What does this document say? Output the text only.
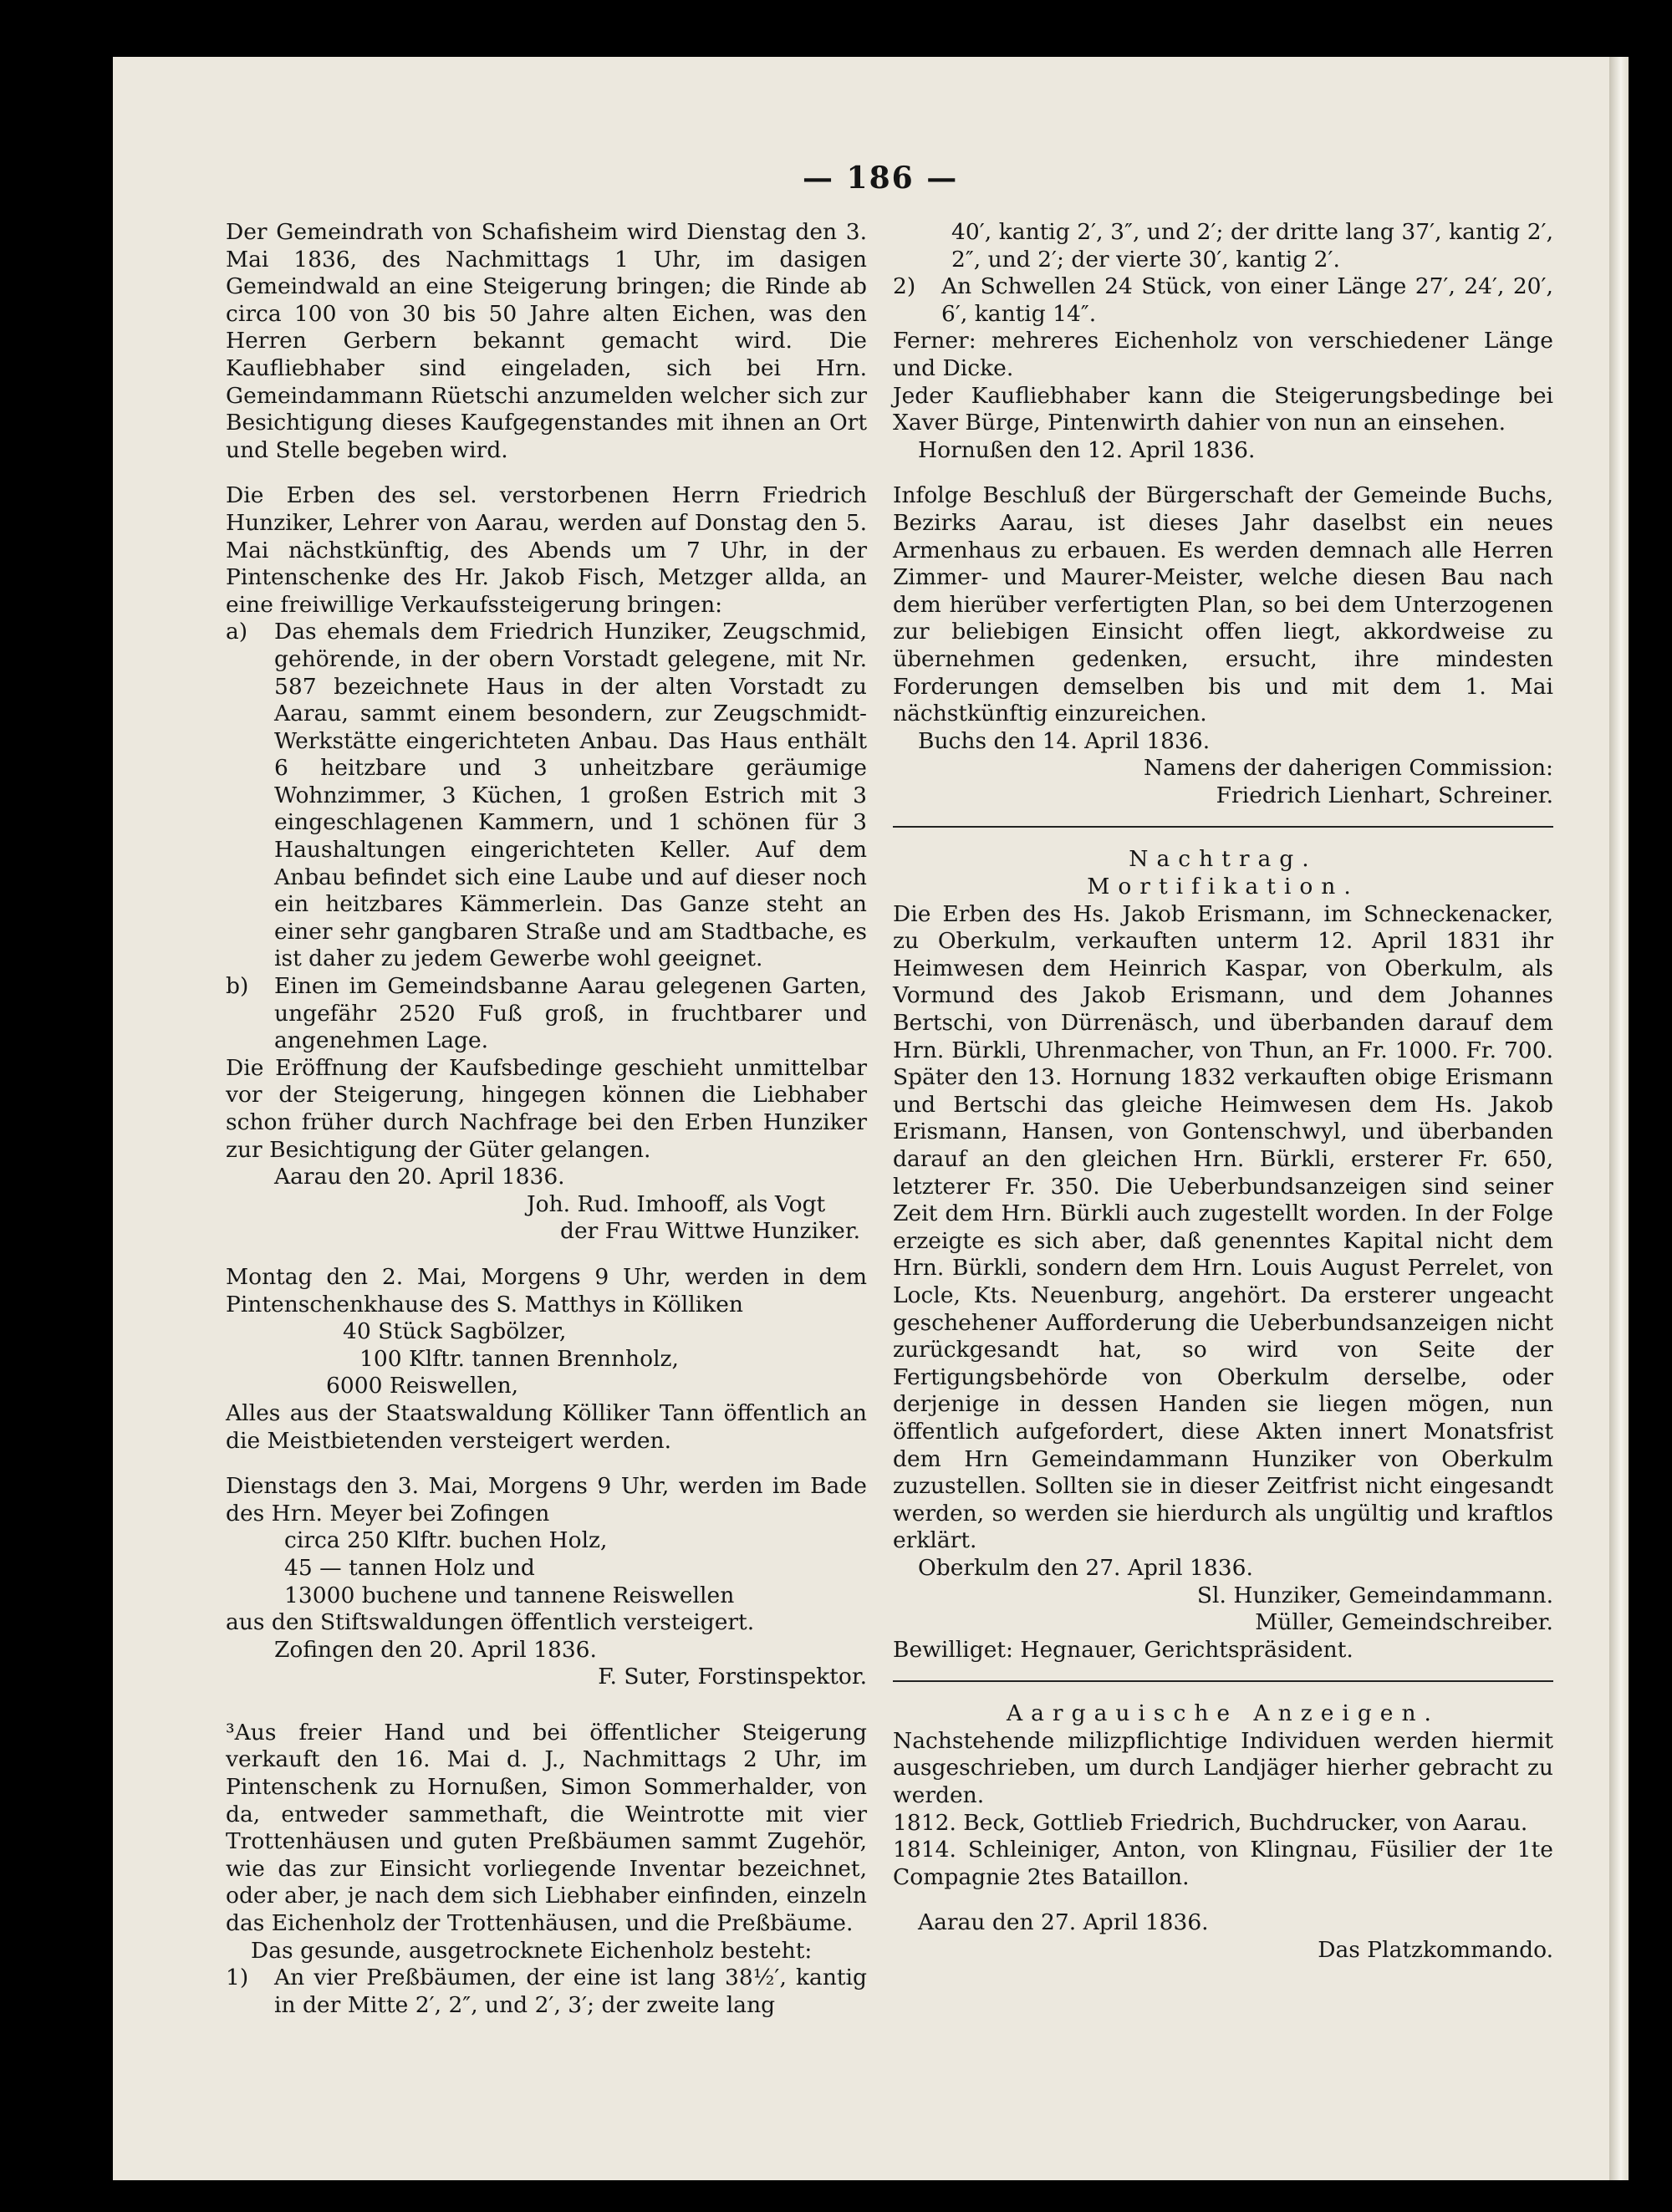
— 186 —

Der Gemeindrath von Schafisheim wird Dienstag den 3. Mai 1836, des Nachmittags 1 Uhr, im dasigen Gemeindwald an eine Steigerung bringen; die Rinde ab circa 100 von 30 bis 50 Jahre alten Eichen, was den Herren Gerbern bekannt gemacht wird. Die Kaufliebhaber sind eingeladen, sich bei Hrn. Gemeindammann Rüetschi anzumelden welcher sich zur Besichtigung dieses Kaufgegenstandes mit ihnen an Ort und Stelle begeben wird.

Die Erben des sel. verstorbenen Herrn Friedrich Hunziker, Lehrer von Aarau, werden auf Donstag den 5. Mai nächstkünftig, des Abends um 7 Uhr, in der Pintenschenke des Hr. Jakob Fisch, Metzger allda, an eine freiwillige Verkaufssteigerung bringen:

a)	Das ehemals dem Friedrich Hunziker, Zeugschmid, gehörende, in der obern Vorstadt gelegene, mit Nr. 587 bezeichnete Haus in der alten Vorstadt zu Aarau, sammt einem besondern, zur Zeugschmidt-Werkstätte eingerichteten Anbau. Das Haus enthält 6 heitzbare und 3 unheitzbare geräumige Wohnzimmer, 3 Küchen, 1 großen Estrich mit 3 eingeschlagenen Kammern, und 1 schönen für 3 Haushaltungen eingerichteten Keller. Auf dem Anbau befindet sich eine Laube und auf dieser noch ein heitzbares Kämmerlein. Das Ganze steht an einer sehr gangbaren Straße und am Stadtbache, es ist daher zu jedem Gewerbe wohl geeignet.
b)	Einen im Gemeindsbanne Aarau gelegenen Garten, ungefähr 2520 Fuß groß, in fruchtbarer und angenehmen Lage.

Die Eröffnung der Kaufsbedinge geschieht unmittelbar vor der Steigerung, hingegen können die Liebhaber schon früher durch Nachfrage bei den Erben Hunziker zur Besichtigung der Güter gelangen.

Aarau den 20. April 1836.

Joh. Rud. Imhooff, als Vogt

der Frau Wittwe Hunziker.

Montag den 2. Mai, Morgens 9 Uhr, werden in dem Pintenschenkhause des S. Matthys in Kölliken

40 Stück Sagbölzer,

100 Klftr. tannen Brennholz,

6000 Reiswellen,

Alles aus der Staatswaldung Kölliker Tann öffentlich an die Meistbietenden versteigert werden.

Dienstags den 3. Mai, Morgens 9 Uhr, werden im Bade des Hrn. Meyer bei Zofingen

circa 250 Klftr. buchen Holz,

45 — tannen Holz und

13000 buchene und tannene Reiswellen

aus den Stiftswaldungen öffentlich versteigert.

Zofingen den 20. April 1836.

F. Suter, Forstinspektor.

³Aus freier Hand und bei öffentlicher Steigerung verkauft den 16. Mai d. J., Nachmittags 2 Uhr, im Pintenschenk zu Hornußen, Simon Sommerhalder, von da, entweder sammethaft, die Weintrotte mit vier Trottenhäusen und guten Preßbäumen sammt Zugehör, wie das zur Einsicht vorliegende Inventar bezeichnet, oder aber, je nach dem sich Liebhaber einfinden, einzeln das Eichenholz der Trottenhäusen, und die Preßbäume.

Das gesunde, ausgetrocknete Eichenholz besteht:

1)	An vier Preßbäumen, der eine ist lang 38½′, kantig in der Mitte 2′, 2″, und 2′, 3′; der zweite lang

40′, kantig 2′, 3″, und 2′; der dritte lang 37′, kantig 2′, 2″, und 2′; der vierte 30′, kantig 2′.

2)	An Schwellen 24 Stück, von einer Länge 27′, 24′, 20′, 6′, kantig 14″.

Ferner: mehreres Eichenholz von verschiedener Länge und Dicke.

Jeder Kaufliebhaber kann die Steigerungsbedinge bei Xaver Bürge, Pintenwirth dahier von nun an einsehen.

Hornußen den 12. April 1836.

Infolge Beschluß der Bürgerschaft der Gemeinde Buchs, Bezirks Aarau, ist dieses Jahr daselbst ein neues Armenhaus zu erbauen. Es werden demnach alle Herren Zimmer- und Maurer-Meister, welche diesen Bau nach dem hierüber verfertigten Plan, so bei dem Unterzogenen zur beliebigen Einsicht offen liegt, akkordweise zu übernehmen gedenken, ersucht, ihre mindesten Forderungen demselben bis und mit dem 1. Mai nächstkünftig einzureichen.

Buchs den 14. April 1836.

Namens der daherigen Commission:

Friedrich Lienhart, Schreiner.

Nachtrag.

Mortifikation.

Die Erben des Hs. Jakob Erismann, im Schneckenacker, zu Oberkulm, verkauften unterm 12. April 1831 ihr Heimwesen dem Heinrich Kaspar, von Oberkulm, als Vormund des Jakob Erismann, und dem Johannes Bertschi, von Dürrenäsch, und überbanden darauf dem Hrn. Bürkli, Uhrenmacher, von Thun, an Fr. 1000. Fr. 700. Später den 13. Hornung 1832 verkauften obige Erismann und Bertschi das gleiche Heimwesen dem Hs. Jakob Erismann, Hansen, von Gontenschwyl, und überbanden darauf an den gleichen Hrn. Bürkli, ersterer Fr. 650, letzterer Fr. 350. Die Ueberbundsanzeigen sind seiner Zeit dem Hrn. Bürkli auch zugestellt worden. In der Folge erzeigte es sich aber, daß genenntes Kapital nicht dem Hrn. Bürkli, sondern dem Hrn. Louis August Perrelet, von Locle, Kts. Neuenburg, angehört. Da ersterer ungeacht geschehener Aufforderung die Ueberbundsanzeigen nicht zurückgesandt hat, so wird von Seite der Fertigungsbehörde von Oberkulm derselbe, oder derjenige in dessen Handen sie liegen mögen, nun öffentlich aufgefordert, diese Akten innert Monatsfrist dem Hrn Gemeindammann Hunziker von Oberkulm zuzustellen. Sollten sie in dieser Zeitfrist nicht eingesandt werden, so werden sie hierdurch als ungültig und kraftlos erklärt.

Oberkulm den 27. April 1836.

Sl. Hunziker, Gemeindammann.

Müller, Gemeindschreiber.

Bewilliget: Hegnauer, Gerichtspräsident.

Aargauische Anzeigen.

Nachstehende milizpflichtige Individuen werden hiermit ausgeschrieben, um durch Landjäger hierher gebracht zu werden.

1812. Beck, Gottlieb Friedrich, Buchdrucker, von Aarau.

1814. Schleiniger, Anton, von Klingnau, Füsilier der 1te Compagnie 2tes Bataillon.

Aarau den 27. April 1836.

Das Platzkommando.
